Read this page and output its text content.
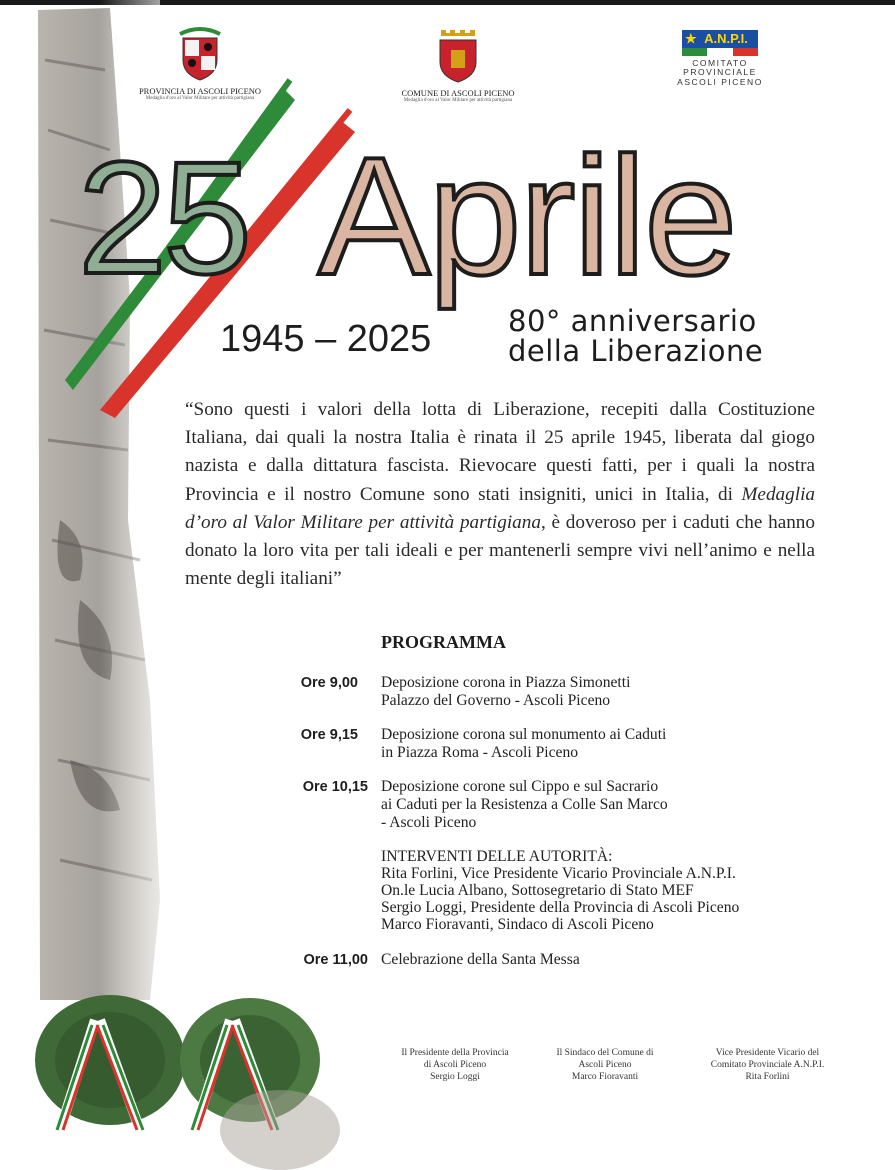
PROVINCIA DI ASCOLI PICENO
Medaglia d'oro al Valor Militare per attività partigiana
COMUNE DI ASCOLI PICENO
Medaglia d'oro al Valor Militare per attività partigiana
★ A.N.P.I.
COMITATO
PROVINCIALE
ASCOLI PICENO
25 Aprile
1945 – 2025	80° anniversario
della Liberazione
“Sono questi i valori della lotta di Liberazione, recepiti dalla Costituzione Italiana, dai quali la nostra Italia è rinata il 25 aprile 1945, liberata dal giogo nazista e dalla dittatura fascista. Rievocare questi fatti, per i quali la nostra Provincia e il nostro Comune sono stati insigniti, unici in Italia, di Medaglia d’oro al Valor Militare per attività partigiana, è doveroso per i caduti che hanno donato la loro vita per tali ideali e per mantenerli sempre vivi nell’animo e nella mente degli italiani”
PROGRAMMA
Ore 9,00 Deposizione corona in Piazza Simonetti
Palazzo del Governo - Ascoli Piceno
Ore 9,15 Deposizione corona sul monumento ai Caduti
in Piazza Roma - Ascoli Piceno
Ore 10,15 Deposizione corone sul Cippo e sul Sacrario
ai Caduti per la Resistenza a Colle San Marco
- Ascoli Piceno
INTERVENTI DELLE AUTORITÀ:
Rita Forlini, Vice Presidente Vicario Provinciale A.N.P.I.
On.le Lucia Albano, Sottosegretario di Stato MEF
Sergio Loggi, Presidente della Provincia di Ascoli Piceno
Marco Fioravanti, Sindaco di Ascoli Piceno
Ore 11,00 Celebrazione della Santa Messa
Il Presidente della Provincia
di Ascoli Piceno
Sergio Loggi
Il Sindaco del Comune di
Ascoli Piceno
Marco Fioravanti
Vice Presidente Vicario del
Comitato Provinciale A.N.P.I.
Rita Forlini
